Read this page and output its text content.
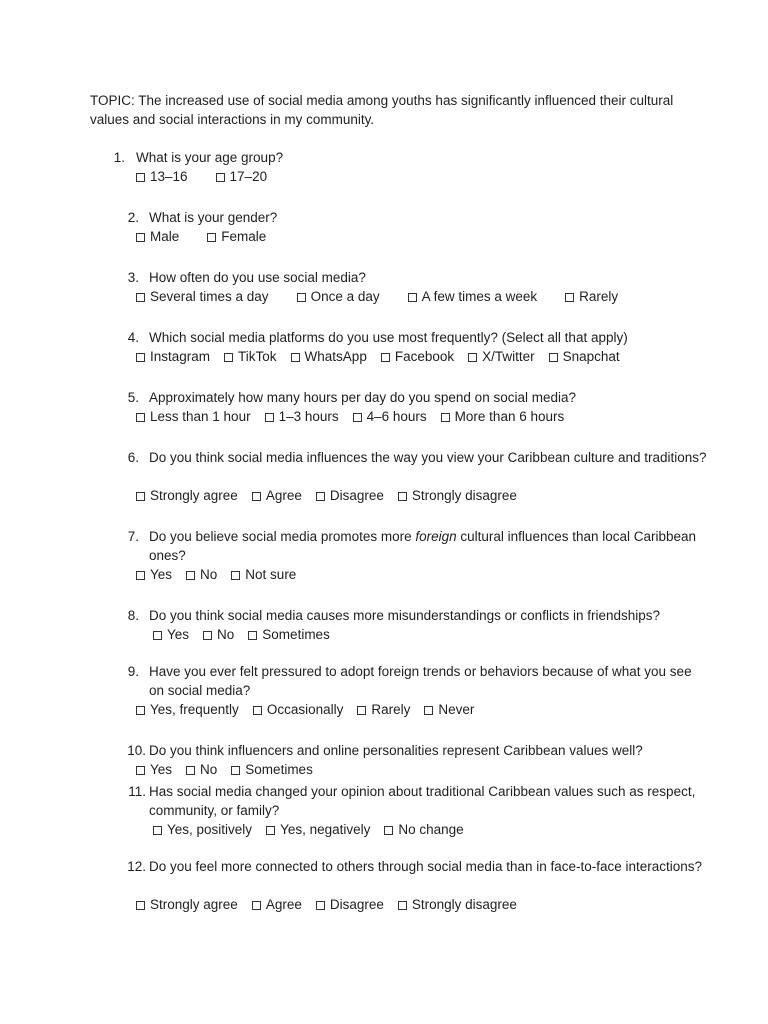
TOPIC: The increased use of social media among youths has significantly influenced their cultural values and social interactions in my community.
1. What is your age group?
13–16	17–20
2. What is your gender?
Male	Female
3. How often do you use social media?
Several times a day	Once a day	A few times a week	Rarely
4. Which social media platforms do you use most frequently? (Select all that apply)
Instagram TikTok WhatsApp Facebook X/Twitter Snapchat
5. Approximately how many hours per day do you spend on social media?
Less than 1 hour 1–3 hours 4–6 hours More than 6 hours
6. Do you think social media influences the way you view your Caribbean culture and traditions?
Strongly agree Agree Disagree Strongly disagree
7. Do you believe social media promotes more foreign cultural influences than local Caribbean ones?
Yes No Not sure
8. Do you think social media causes more misunderstandings or conflicts in friendships?
Yes No Sometimes
9. Have you ever felt pressured to adopt foreign trends or behaviors because of what you see on social media?
Yes, frequently Occasionally Rarely Never
10. Do you think influencers and online personalities represent Caribbean values well?
Yes No Sometimes
11. Has social media changed your opinion about traditional Caribbean values such as respect, community, or family?
Yes, positively Yes, negatively No change
12. Do you feel more connected to others through social media than in face-to-face interactions?
Strongly agree Agree Disagree Strongly disagree
